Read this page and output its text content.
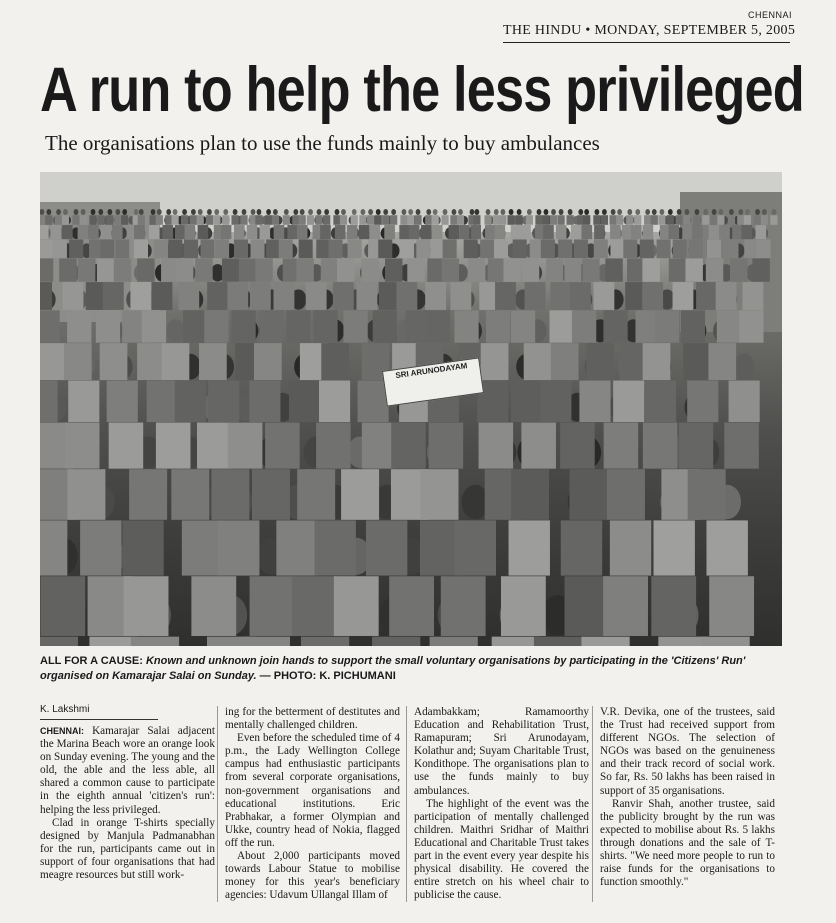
CHENNAI
THE HINDU • MONDAY, SEPTEMBER 5, 2005
A run to help the less privileged
The organisations plan to use the funds mainly to buy ambulances
SRI ARUNODAYAM
ALL FOR A CAUSE: Known and unknown join hands to support the small voluntary organisations by participating in the 'Citizens' Run' organised on Kamarajar Salai on Sunday. — PHOTO: K. PICHUMANI
K. Lakshmi

CHENNAI: Kamarajar Salai adjacent the Marina Beach wore an orange look on Sunday evening. The young and the old, the able and the less able, all shared a common cause to participate in the eighth annual 'citizen's run': helping the less privileged.

Clad in orange T-shirts specially designed by Manjula Padmanabhan for the run, participants came out in support of four organisations that had meagre resources but still work-

ing for the betterment of destitutes and mentally challenged children.

Even before the scheduled time of 4 p.m., the Lady Wellington College campus had enthusiastic participants from several corporate organisations, non-government organisations and educational institutions. Eric Prabhakar, a former Olympian and Ukke, country head of Nokia, flagged off the run.

About 2,000 participants moved towards Labour Statue to mobilise money for this year's beneficiary agencies: Udavum Ullangal Illam of

Adambakkam; Ramamoorthy Education and Rehabilitation Trust, Ramapuram; Sri Arunodayam, Kolathur and; Suyam Charitable Trust, Kondithope. The organisations plan to use the funds mainly to buy ambulances.

The highlight of the event was the participation of mentally challenged children. Maithri Sridhar of Maithri Educational and Charitable Trust takes part in the event every year despite his physical disability. He covered the entire stretch on his wheel chair to publicise the cause.

V.R. Devika, one of the trustees, said the Trust had received support from different NGOs. The selection of NGOs was based on the genuineness and their track record of social work. So far, Rs. 50 lakhs has been raised in support of 35 organisations.

Ranvir Shah, another trustee, said the publicity brought by the run was expected to mobilise about Rs. 5 lakhs through donations and the sale of T-shirts. "We need more people to run to raise funds for the organisations to function smoothly."
